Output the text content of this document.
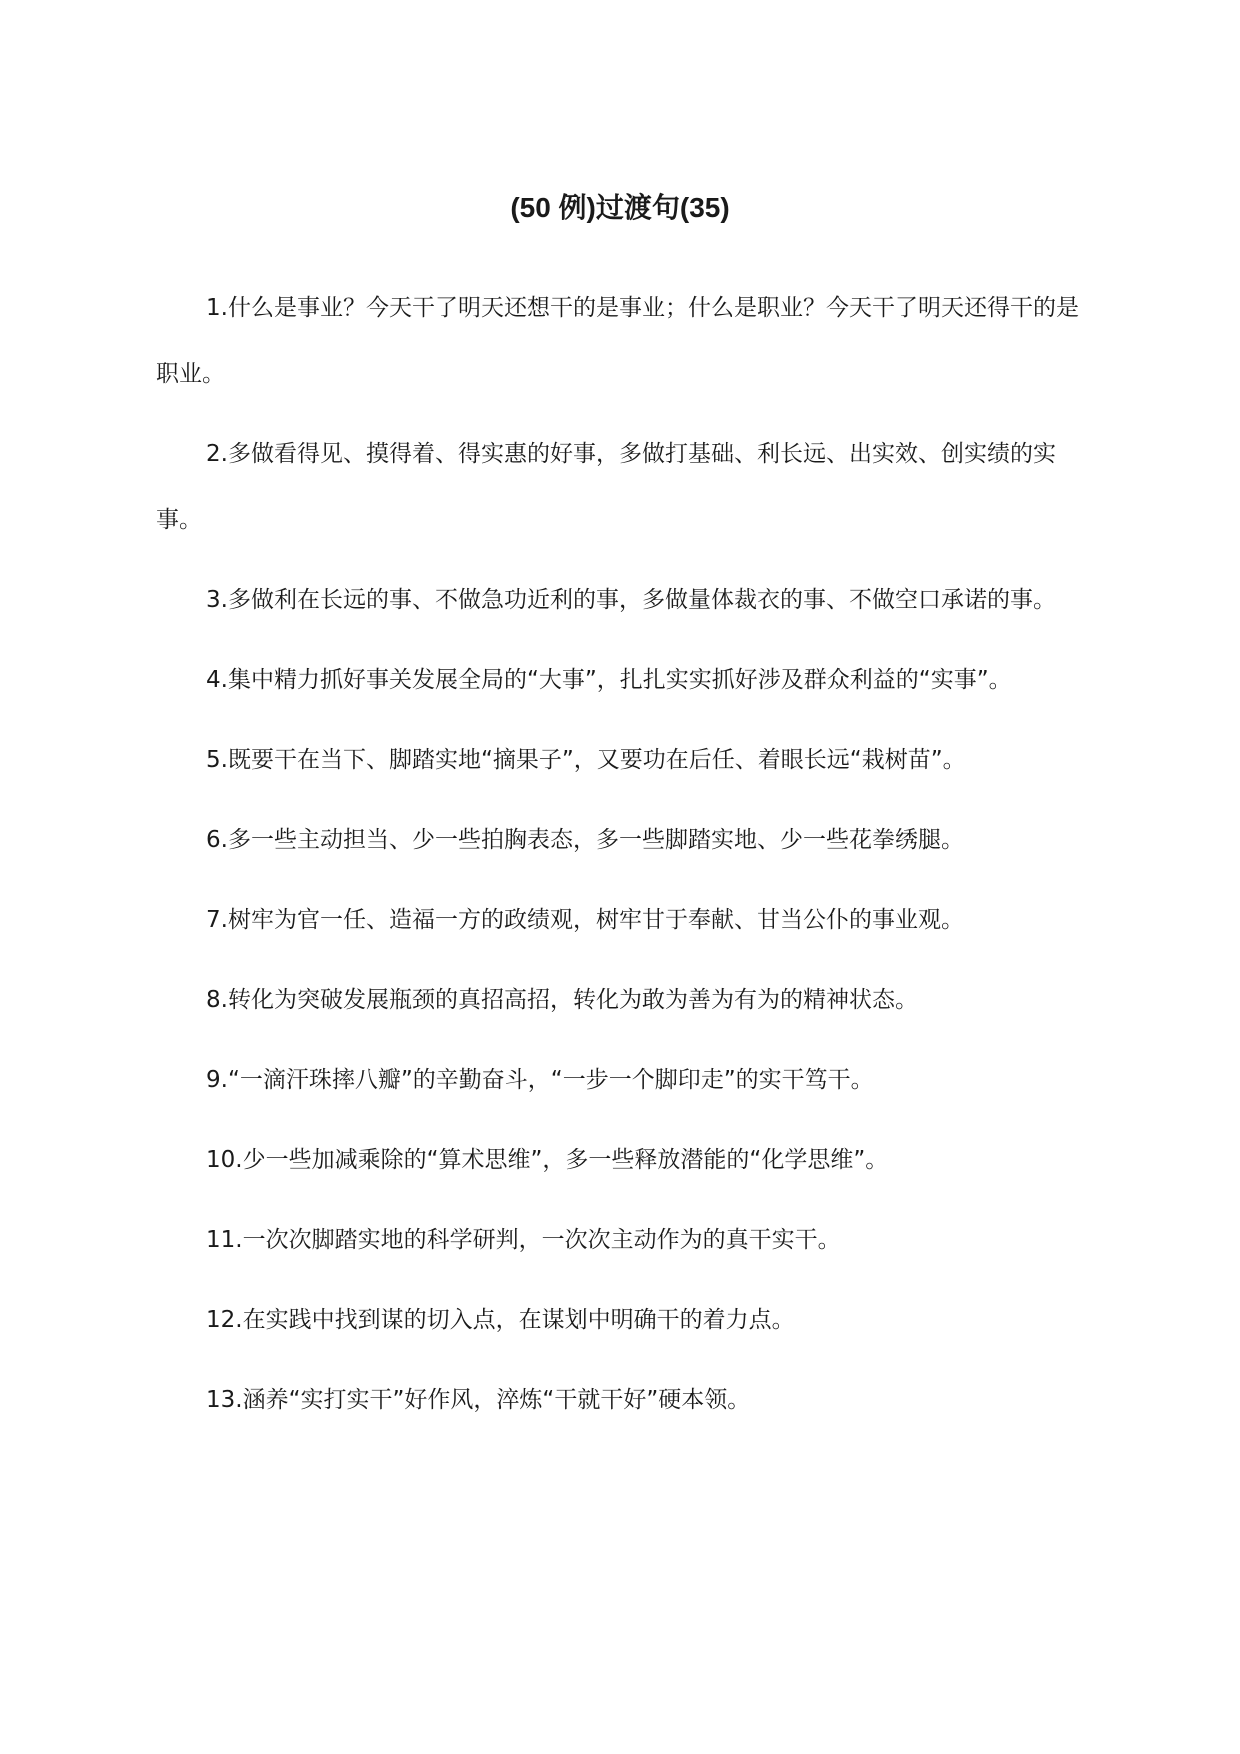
(50 例)过渡句(35)
1.什么是事业？今天干了明天还想干的是事业；什么是职业？今天干了明天还得干的是职业。
2.多做看得见、摸得着、得实惠的好事，多做打基础、利长远、出实效、创实绩的实事。
3.多做利在长远的事、不做急功近利的事，多做量体裁衣的事、不做空口承诺的事。
4.集中精力抓好事关发展全局的“大事”，扎扎实实抓好涉及群众利益的“实事”。
5.既要干在当下、脚踏实地“摘果子”，又要功在后任、着眼长远“栽树苗”。
6.多一些主动担当、少一些拍胸表态，多一些脚踏实地、少一些花拳绣腿。
7.树牢为官一任、造福一方的政绩观，树牢甘于奉献、甘当公仆的事业观。
8.转化为突破发展瓶颈的真招高招，转化为敢为善为有为的精神状态。
9.“一滴汗珠摔八瓣”的辛勤奋斗，“一步一个脚印走”的实干笃干。
10.少一些加减乘除的“算术思维”，多一些释放潜能的“化学思维”。
11.一次次脚踏实地的科学研判，一次次主动作为的真干实干。
12.在实践中找到谋的切入点，在谋划中明确干的着力点。
13.涵养“实打实干”好作风，淬炼“干就干好”硬本领。
